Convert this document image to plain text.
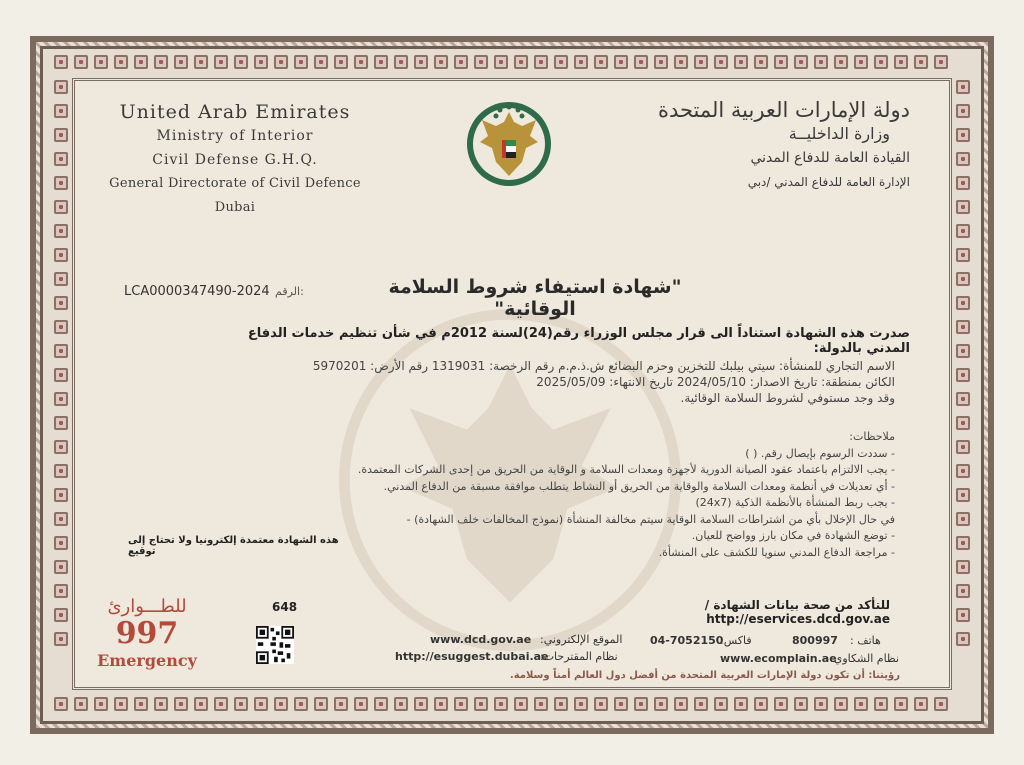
United Arab Emirates
Ministry of Interior
Civil Defense G.H.Q.
General Directorate of Civil Defence Dubai
دولة الإمارات العربية المتحدة
وزارة الداخليــة
القيادة العامة للدفاع المدني
الإدارة العامة للدفاع المدني /دبي
LCA0000347490-2024 الرقم:	"شهادة استيفاء شروط السلامة الوقائية"
صدرت هذه الشهادة استناداً الى قرار مجلس الوزراء رقم(24)لسنة 2012م في شأن تنظيم خدمات الدفاع المدني بالدولة:
الاسم التجاري للمنشأة: سيتي بيلبك للتخزين وحزم البضائع ش.ذ.م.م رقم الرخصة: 1319031 رقم الأرض: 5970201
الكائن بمنطقة: تاريخ الاصدار: 2024/05/10 تاريخ الانتهاء: 2025/05/09
وقد وجد مستوفي لشروط السلامة الوقائية.
ملاحظات:
- سددت الرسوم بإيصال رقم. ( )
- يجب الالتزام باعتماد عقود الصيانة الدورية لأجهزة ومعدات السلامة و الوقاية من الحريق من إحدى الشركات المعتمدة.
- أي تعديلات في أنظمة ومعدات السلامة والوقاية من الحريق أو النشاط يتطلب موافقة مسبقة من الدفاع المدني.
- يجب ربط المنشأة بالأنظمة الذكية (24x7)
في حال الإخلال بأي من اشتراطات السلامة الوقاية سيتم مخالفة المنشأة (نموذج المخالفات خلف الشهادة) -
- توضع الشهادة في مكان بارز وواضح للعيان.
- مراجعة الدفاع المدني سنويا للكشف على المنشأة.
هذه الشهادة معتمدة إلكترونيا ولا تحتاج إلى توقيع
للطـــوارئ
997
Emergency
648	للتأكد من صحة بيانات الشهادة / http://eservices.dcd.gov.ae
www.dcd.gov.ae الموقع الإلكتروني:
http://esuggest.dubai.ae
نظام المقترحات:
04-7052150
فاكس:	800997 هاتف :
www.ecomplain.ae
نظام الشكاوي:
رؤيتنا: أن تكون دولة الإمارات العربية المتحدة من أفضل دول العالم أمناً وسلامة.
